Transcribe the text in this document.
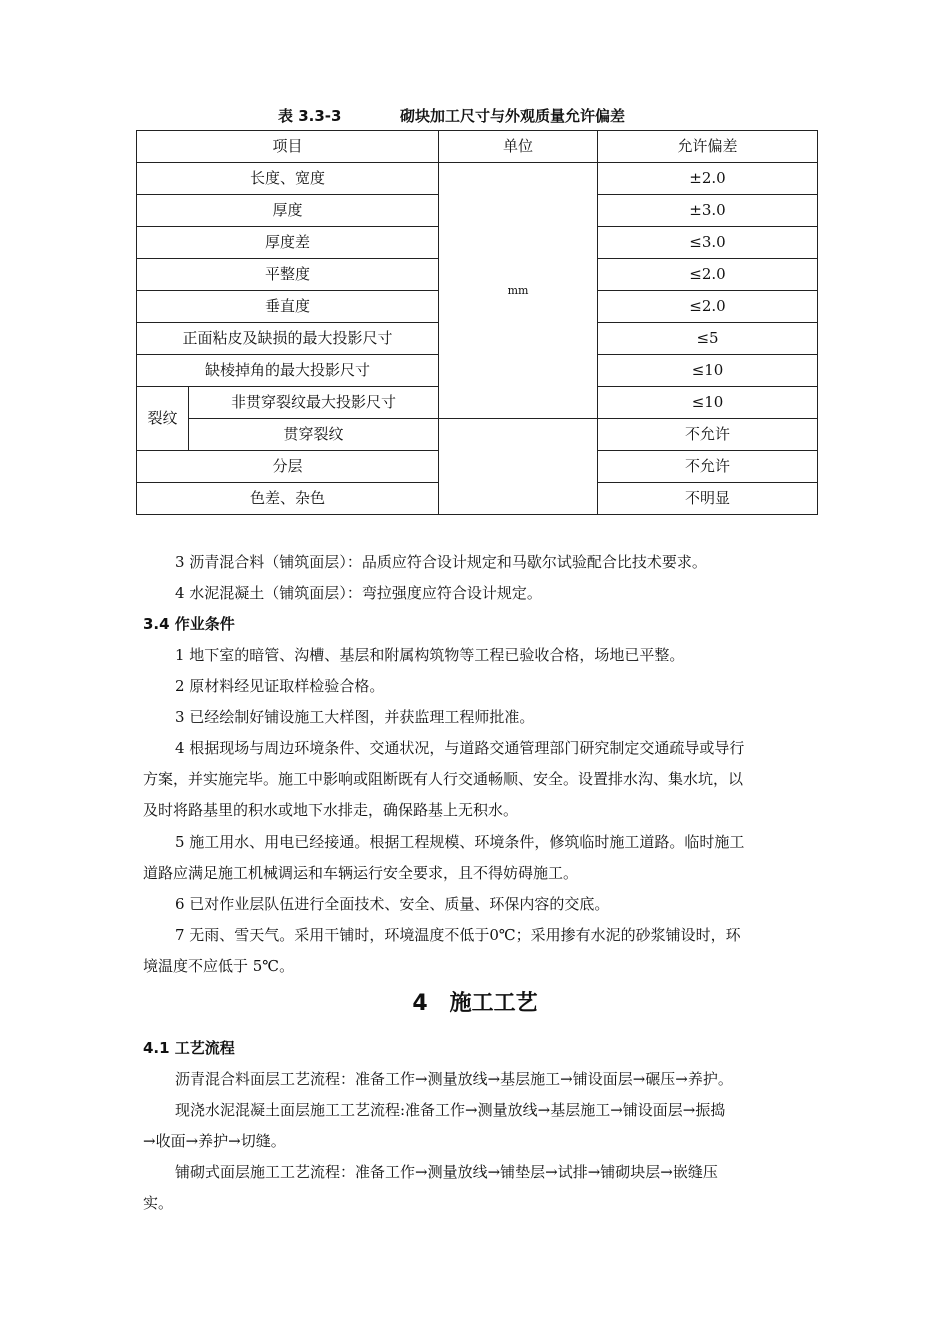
表 3.3-3	砌块加工尺寸与外观质量允许偏差
项目		单位	允许偏差
长度、宽度		mm	±2.0
厚度			±3.0
厚度差			≤3.0
平整度			≤2.0
垂直度			≤2.0
正面粘皮及缺损的最大投影尺寸			≤5
缺棱掉角的最大投影尺寸			≤10
裂纹	非贯穿裂纹最大投影尺寸		≤10
	贯穿裂纹		不允许
分层			不允许
色差、杂色			不明显
3 沥青混合料（铺筑面层）：品质应符合设计规定和马歇尔试验配合比技术要求。
4 水泥混凝土（铺筑面层）：弯拉强度应符合设计规定。
3.4 作业条件
1 地下室的暗管、沟槽、基层和附属构筑物等工程已验收合格，场地已平整。
2 原材料经见证取样检验合格。
3 已经绘制好铺设施工大样图，并获监理工程师批准。
4 根据现场与周边环境条件、交通状况，与道路交通管理部门研究制定交通疏导或导行
方案，并实施完毕。施工中影响或阻断既有人行交通畅顺、安全。设置排水沟、集水坑，以
及时将路基里的积水或地下水排走，确保路基上无积水。
5 施工用水、用电已经接通。根据工程规模、环境条件，修筑临时施工道路。临时施工
道路应满足施工机械调运和车辆运行安全要求，且不得妨碍施工。
6 已对作业层队伍进行全面技术、安全、质量、环保内容的交底。
7 无雨、雪天气。采用干铺时，环境温度不低于0℃；采用掺有水泥的砂浆铺设时，环
境温度不应低于 5℃。
4 施工工艺
4.1 工艺流程
沥青混合料面层工艺流程：准备工作→测量放线→基层施工→铺设面层→碾压→养护。
现浇水泥混凝土面层施工工艺流程:准备工作→测量放线→基层施工→铺设面层→振捣
→收面→养护→切缝。
铺砌式面层施工工艺流程：准备工作→测量放线→铺垫层→试排→铺砌块层→嵌缝压
实。
